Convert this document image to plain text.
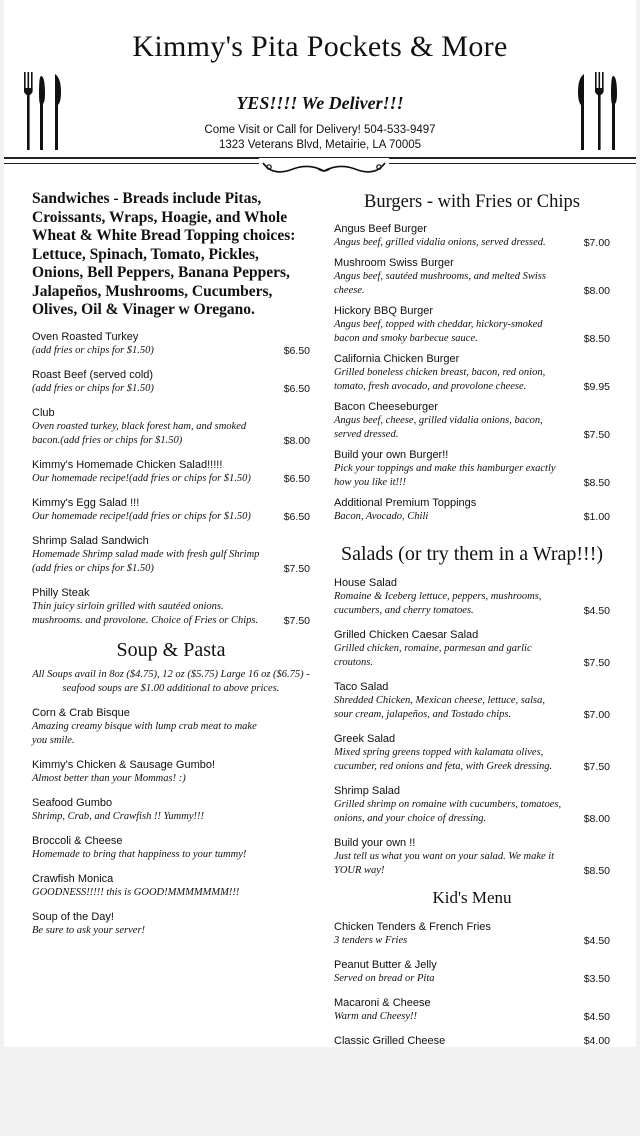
Kimmy's Pita Pockets & More
YES!!!! We Deliver!!!
Come Visit or Call for Delivery! 504-533-9497
1323 Veterans Blvd, Metairie, LA 70005
Sandwiches - Breads include Pitas, Croissants, Wraps, Hoagie, and Whole Wheat & White Bread Topping choices: Lettuce, Spinach, Tomato, Pickles, Onions, Bell Peppers, Banana Peppers, Jalapeños, Mushrooms, Cucumbers, Olives, Oil & Vinager w Oregano.
Oven Roasted Turkey
(add fries or chips for $1.50)	$6.50
Roast Beef (served cold)
(add fries or chips for $1.50)	$6.50
Club
Oven roasted turkey, black forest ham, and smoked bacon.(add fries or chips for $1.50)	$8.00
Kimmy's Homemade Chicken Salad!!!!!
Our homemade recipe!(add fries or chips for $1.50)	$6.50
Kimmy's Egg Salad !!!
Our homemade recipe!(add fries or chips for $1.50)	$6.50
Shrimp Salad Sandwich
Homemade Shrimp salad made with fresh gulf Shrimp (add fries or chips for $1.50)	$7.50
Philly Steak
Thin juicy sirloin grilled with sautéed onions. mushrooms. and provolone. Choice of Fries or Chips. $7.50
Soup & Pasta
All Soups avail in 8oz ($4.75), 12 oz ($5.75) Large 16 oz ($6.75) - seafood soups are $1.00 additional to above prices.
Corn & Crab Bisque
Amazing creamy bisque with lump crab meat to make you smile.
Kimmy's Chicken & Sausage Gumbo!
Almost better than your Mommas! :)
Seafood Gumbo
Shrimp, Crab, and Crawfish !! Yummy!!!
Broccoli & Cheese
Homemade to bring that happiness to your tummy!
Crawfish Monica
GOODNESS!!!!! this is GOOD!MMMMMMM!!!
Soup of the Day!
Be sure to ask your server!
Burgers - with Fries or Chips
Angus Beef Burger
Angus beef, grilled vidalia onions, served dressed.	$7.00
Mushroom Swiss Burger
Angus beef, sautéed mushrooms, and melted Swiss cheese.	$8.00
Hickory BBQ Burger
Angus beef, topped with cheddar, hickory-smoked bacon and smoky barbecue sauce.	$8.50
California Chicken Burger
Grilled boneless chicken breast, bacon, red onion, tomato, fresh avocado, and provolone cheese.	$9.95
Bacon Cheeseburger
Angus beef, cheese, grilled vidalia onions, bacon, served dressed.	$7.50
Build your own Burger!!
Pick your toppings and make this hamburger exactly how you like it!!!	$8.50
Additional Premium Toppings
Bacon, Avocado, Chili	$1.00
Salads (or try them in a Wrap!!!)
House Salad
Romaine & Iceberg lettuce, peppers, mushrooms, cucumbers, and cherry tomatoes.	$4.50
Grilled Chicken Caesar Salad
Grilled chicken, romaine, parmesan and garlic croutons.	$7.50
Taco Salad
Shredded Chicken, Mexican cheese, lettuce, salsa, sour cream, jalapeños, and Tostado chips.	$7.00
Greek Salad
Mixed spring greens topped with kalamata olives, cucumber, red onions and feta, with Greek dressing.	$7.50
Shrimp Salad
Grilled shrimp on romaine with cucumbers, tomatoes, onions, and your choice of dressing.	$8.00
Build your own !!
Just tell us what you want on your salad. We make it YOUR way!	$8.50
Kid's Menu
Chicken Tenders & French Fries
3 tenders w Fries	$4.50
Peanut Butter & Jelly
Served on bread or Pita	$3.50
Macaroni & Cheese
Warm and Cheesy!!	$4.50
Classic Grilled Cheese	$4.00
